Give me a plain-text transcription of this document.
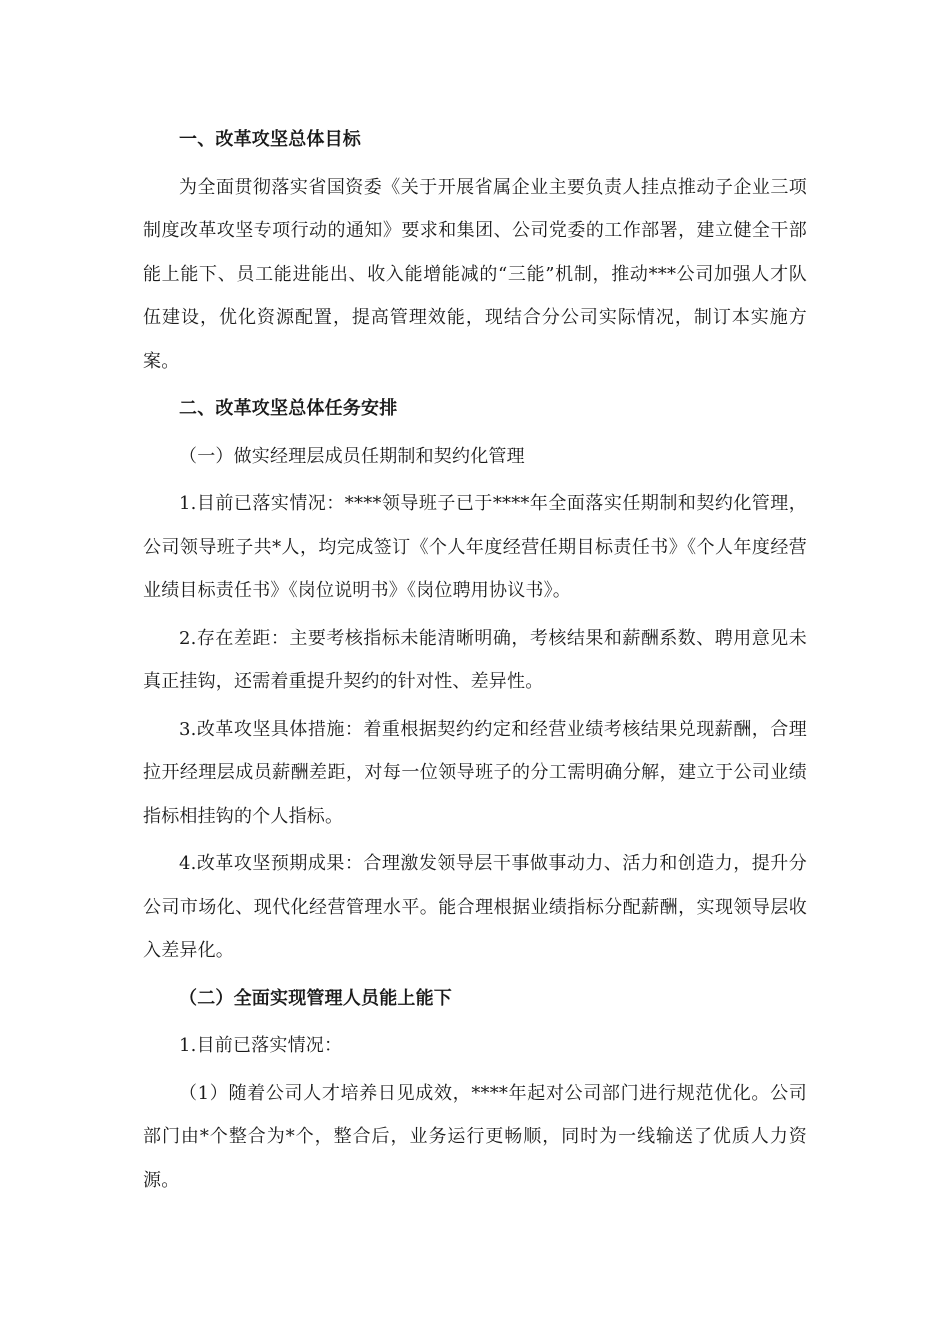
一、改革攻坚总体目标

为全面贯彻落实省国资委《关于开展省属企业主要负责人挂点推动子企业三项制度改革攻坚专项行动的通知》要求和集团、公司党委的工作部署，建立健全干部能上能下、员工能进能出、收入能增能减的“三能”机制，推动***公司加强人才队伍建设，优化资源配置，提高管理效能，现结合分公司实际情况，制订本实施方案。

二、改革攻坚总体任务安排

（一）做实经理层成员任期制和契约化管理

1.目前已落实情况：****领导班子已于****年全面落实任期制和契约化管理，公司领导班子共*人，均完成签订《个人年度经营任期目标责任书》《个人年度经营业绩目标责任书》《岗位说明书》《岗位聘用协议书》。

2.存在差距：主要考核指标未能清晰明确，考核结果和薪酬系数、聘用意见未真正挂钩，还需着重提升契约的针对性、差异性。

3.改革攻坚具体措施：着重根据契约约定和经营业绩考核结果兑现薪酬，合理拉开经理层成员薪酬差距，对每一位领导班子的分工需明确分解，建立于公司业绩指标相挂钩的个人指标。

4.改革攻坚预期成果：合理激发领导层干事做事动力、活力和创造力，提升分公司市场化、现代化经营管理水平。能合理根据业绩指标分配薪酬，实现领导层收入差异化。

（二）全面实现管理人员能上能下

1.目前已落实情况：

（1）随着公司人才培养日见成效，****年起对公司部门进行规范优化。公司部门由*个整合为*个，整合后，业务运行更畅顺，同时为一线输送了优质人力资源。
